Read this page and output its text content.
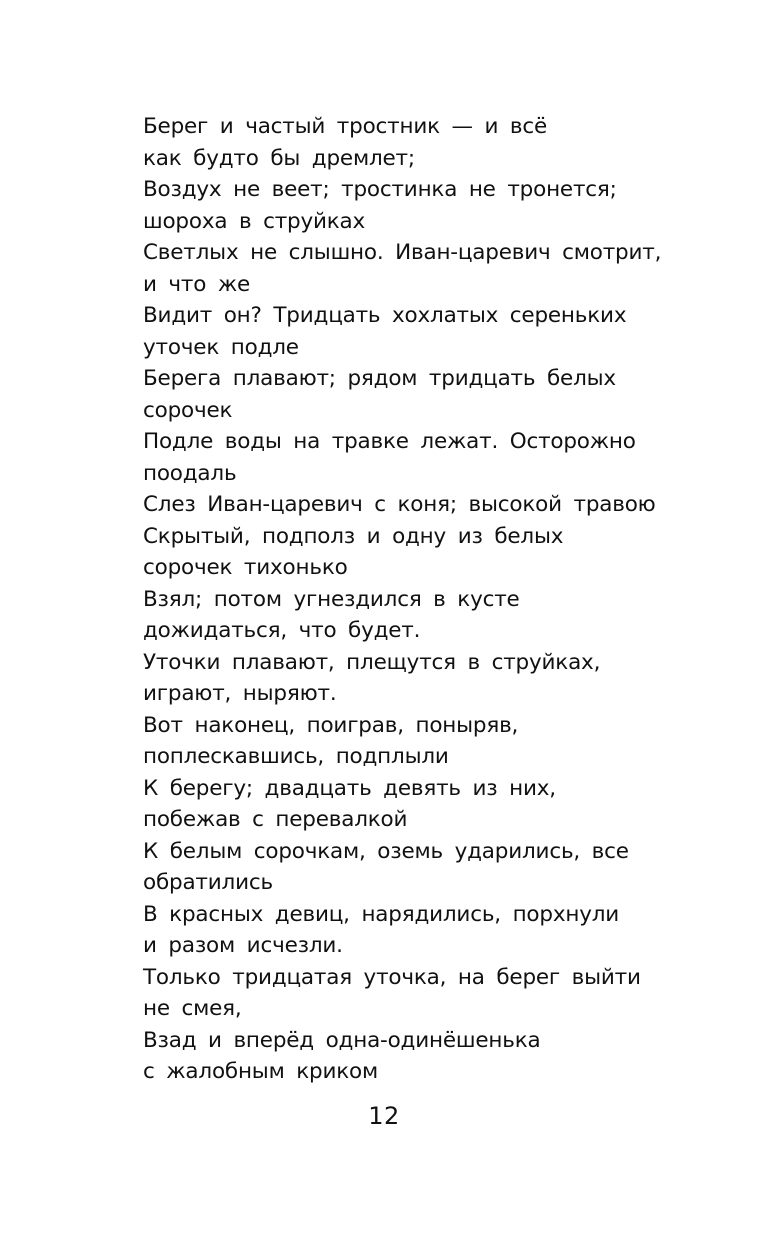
Берег и частый тростник — и всё
как будто бы дремлет;
Воздух не веет; тростинка не тронется;
шороха в струйках
Светлых не слышно. Иван-царевич смотрит,
и что же
Видит он? Тридцать хохлатых сереньких
уточек подле
Берега плавают; рядом тридцать белых
сорочек
Подле воды на травке лежат. Осторожно
поодаль
Слез Иван-царевич с коня; высокой травою
Скрытый, подполз и одну из белых
сорочек тихонько
Взял; потом угнездился в кусте
дожидаться, что будет.
Уточки плавают, плещутся в струйках,
играют, ныряют.
Вот наконец, поиграв, поныряв,
поплескавшись, подплыли
К берегу; двадцать девять из них,
побежав с перевалкой
К белым сорочкам, оземь ударились, все
обратились
В красных девиц, нарядились, порхнули
и разом исчезли.
Только тридцатая уточка, на берег выйти
не смея,
Взад и вперёд одна-одинёшенька
с жалобным криком
12
